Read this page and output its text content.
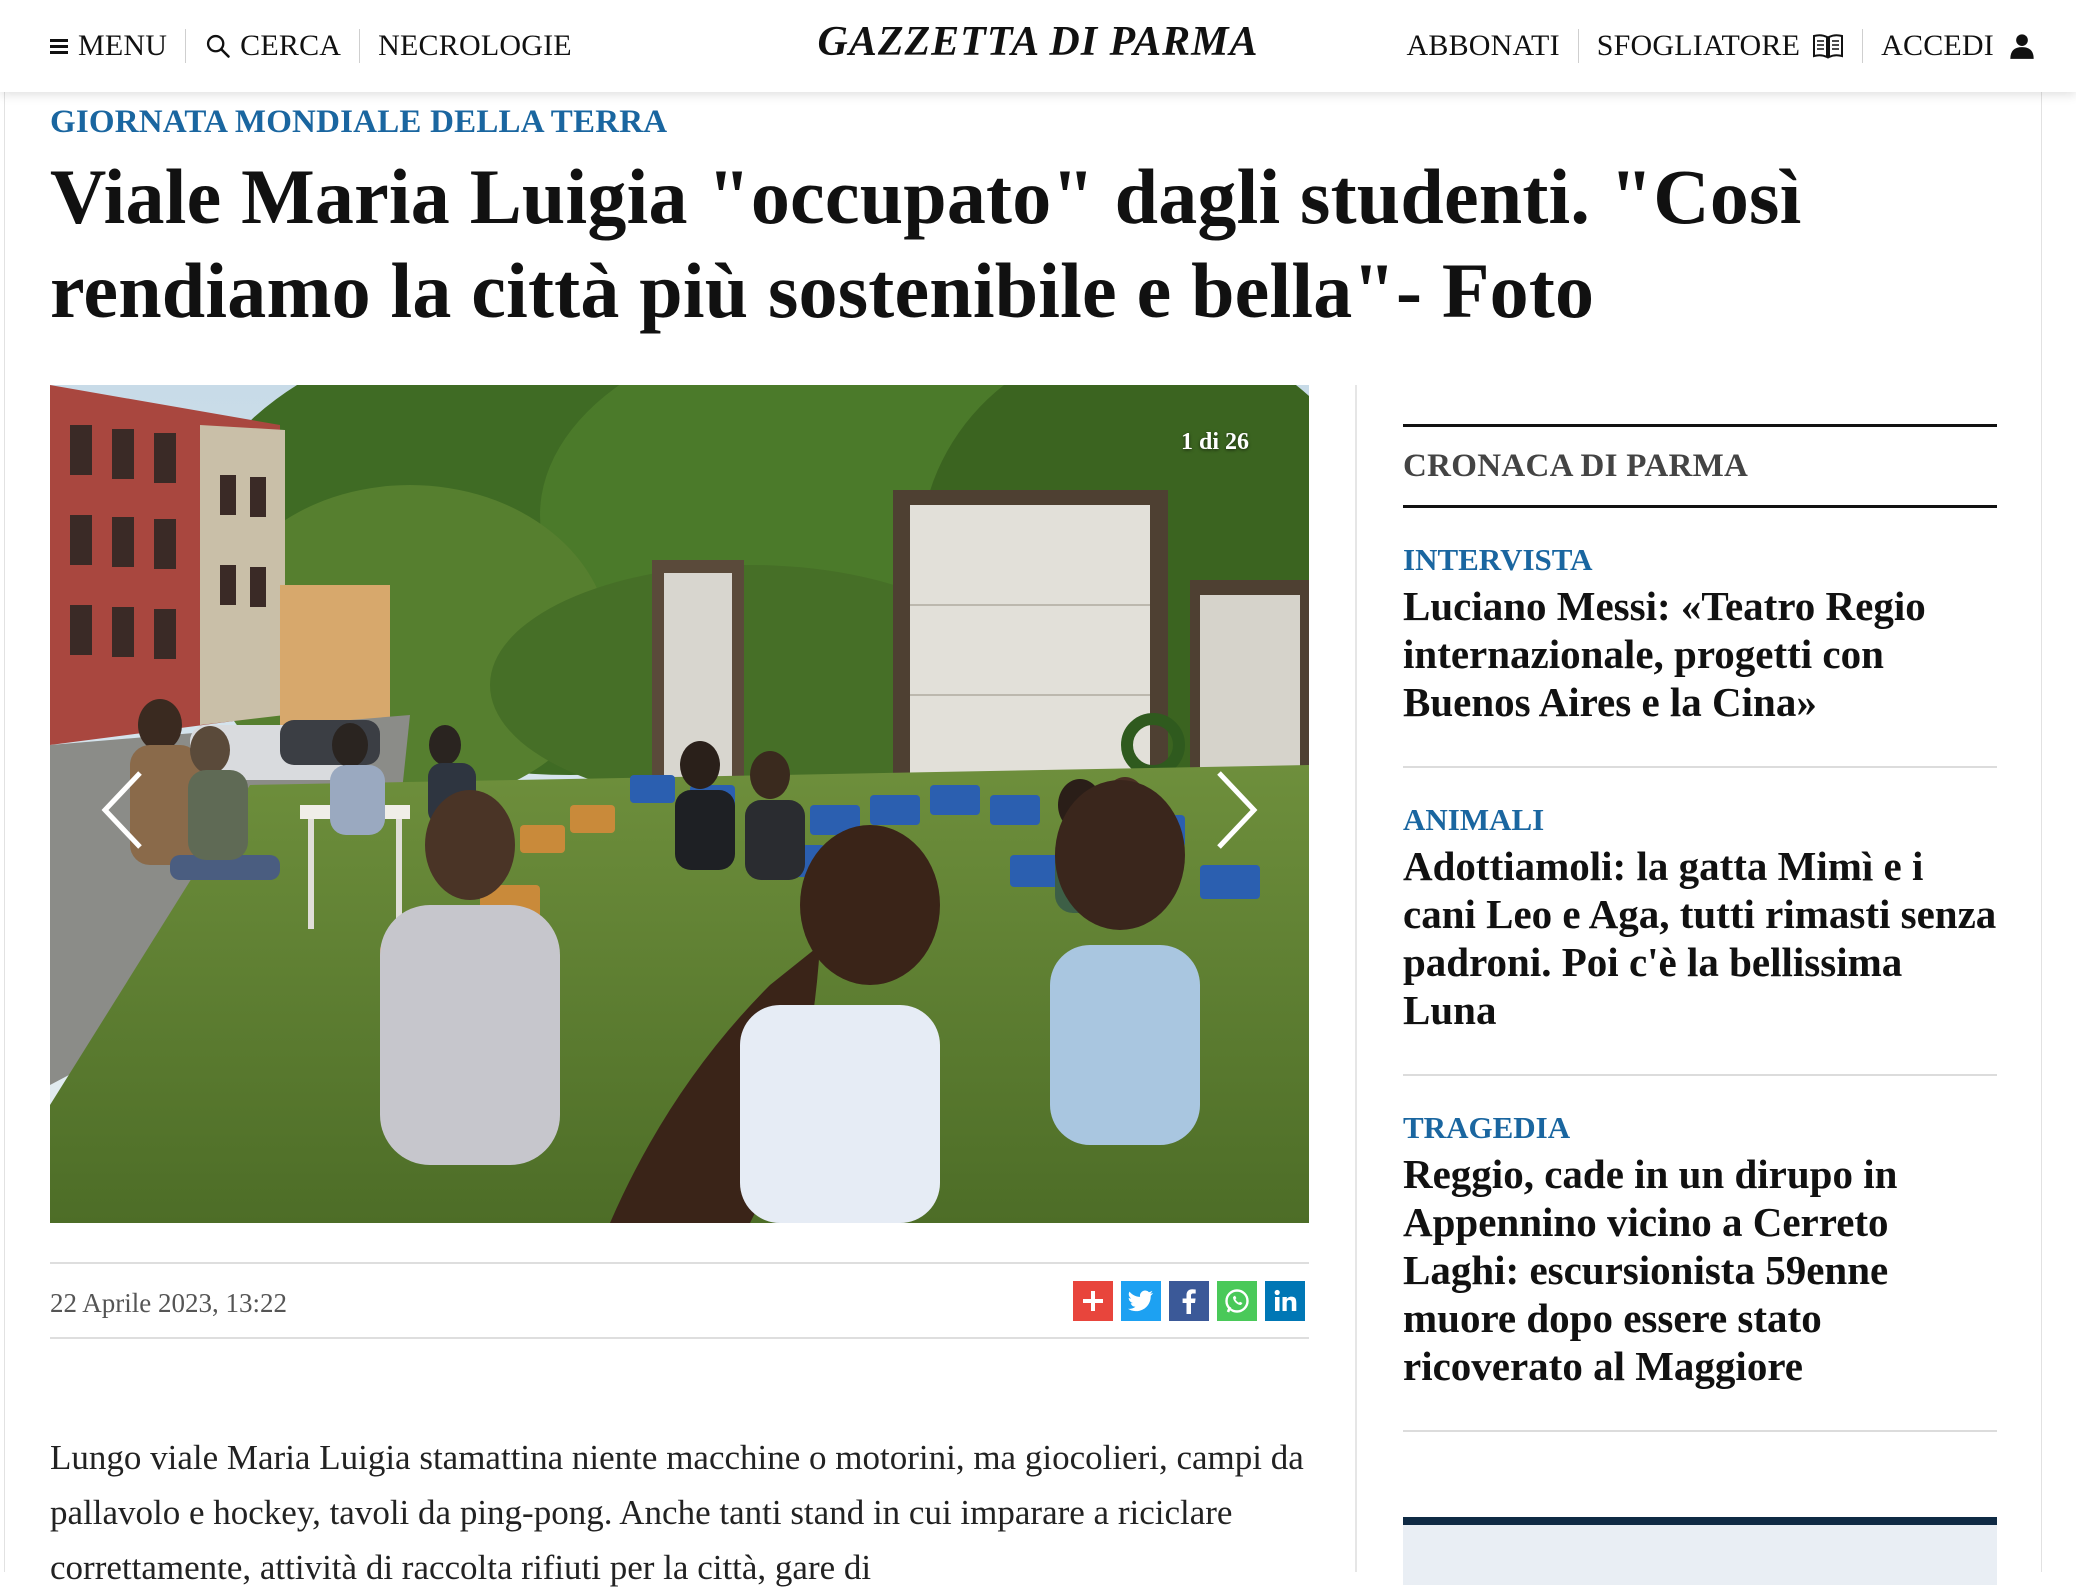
MENU CERCA NECROLOGIE	GAZZETTA DI PARMA	ABBONATI SFOGLIATORE	ACCEDI
GIORNATA MONDIALE DELLA TERRA
Viale Maria Luigia "occupato" dagli studenti. "Così rendiamo la città più sostenibile e bella"- Foto
1 di 26
22 Aprile 2023, 13:22

Lungo viale Maria Luigia stamattina niente macchine o motorini, ma giocolieri, campi da pallavolo e hockey, tavoli da ping-pong. Anche tanti stand in cui imparare a riciclare correttamente, attività di raccolta rifiuti per la città, gare di

CRONACA DI PARMA
INTERVISTA
Luciano Messi: «Teatro Regio internazionale, progetti con Buenos Aires e la Cina»
ANIMALI
Adottiamoli: la gatta Mimì e i cani Leo e Aga, tutti rimasti senza padroni. Poi c'è la bellissima Luna
TRAGEDIA
Reggio, cade in un dirupo in Appennino vicino a Cerreto Laghi: escursionista 59enne muore dopo essere stato ricoverato al Maggiore
